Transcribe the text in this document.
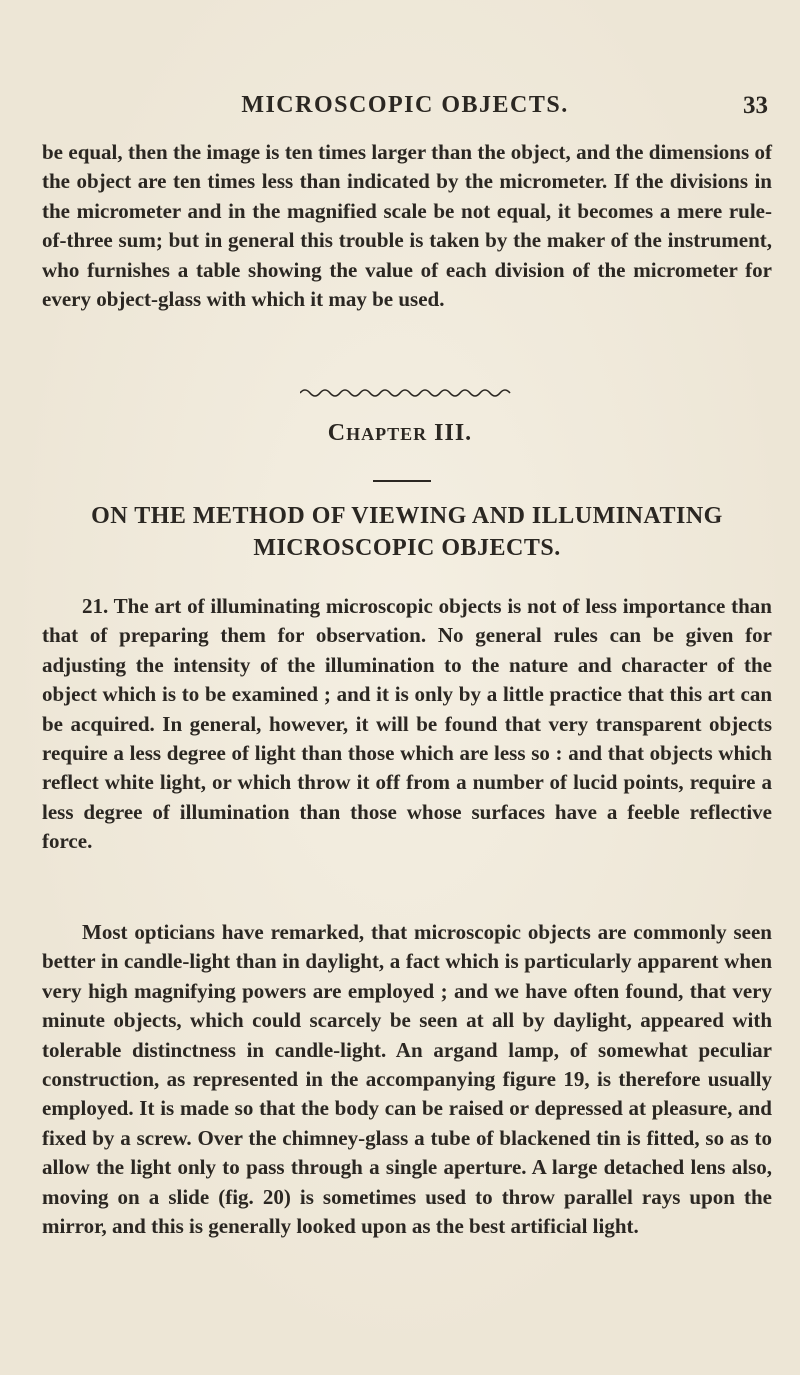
MICROSCOPIC OBJECTS.	33

be equal, then the image is ten times larger than the object, and the dimensions of the object are ten times less than indicated by the micrometer. If the divisions in the micrometer and in the magnified scale be not equal, it becomes a mere rule-of-three sum; but in general this trouble is taken by the maker of the instrument, who furnishes a table showing the value of each division of the micrometer for every object-glass with which it may be used.

CHAPTER III.
ON THE METHOD OF VIEWING AND ILLUMINATING MICROSCOPIC OBJECTS.

21. The art of illuminating microscopic objects is not of less importance than that of preparing them for observation. No general rules can be given for adjusting the intensity of the illumination to the nature and character of the object which is to be examined ; and it is only by a little practice that this art can be acquired. In general, however, it will be found that very transparent objects require a less degree of light than those which are less so : and that objects which reflect white light, or which throw it off from a number of lucid points, require a less degree of illumination than those whose surfaces have a feeble reflective force.

Most opticians have remarked, that microscopic objects are commonly seen better in candle-light than in daylight, a fact which is particularly apparent when very high magnifying powers are employed ; and we have often found, that very minute objects, which could scarcely be seen at all by daylight, appeared with tolerable distinctness in candle-light. An argand lamp, of somewhat peculiar construction, as represented in the accompanying figure 19, is therefore usually employed. It is made so that the body can be raised or depressed at pleasure, and fixed by a screw. Over the chimney-glass a tube of blackened tin is fitted, so as to allow the light only to pass through a single aperture. A large detached lens also, moving on a slide (fig. 20) is sometimes used to throw parallel rays upon the mirror, and this is generally looked upon as the best artificial light.
